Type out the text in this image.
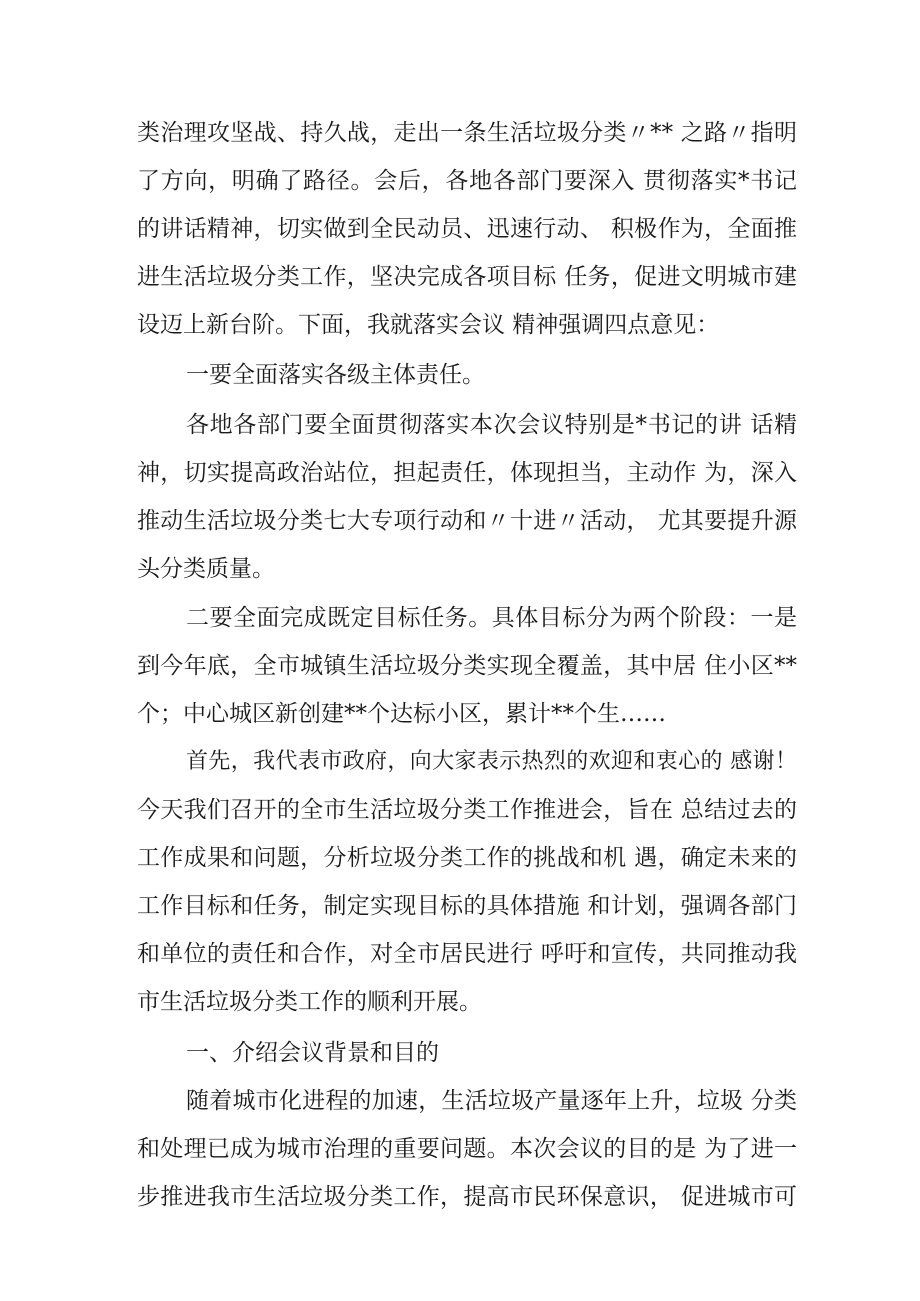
类治理攻坚战、持久战，走出一条生活垃圾分类〃** 之路〃指明
了方向，明确了路径。会后，各地各部门要深入 贯彻落实*书记
的讲话精神，切实做到全民动员、迅速行动、 积极作为，全面推
进生活垃圾分类工作，坚决完成各项目标 任务，促进文明城市建
设迈上新台阶。下面，我就落实会议 精神强调四点意见：
一要全面落实各级主体责任。
各地各部门要全面贯彻落实本次会议特别是*书记的讲 话精
神，切实提高政治站位，担起责任，体现担当，主动作 为，深入
推动生活垃圾分类七大专项行动和〃十进〃活动， 尤其要提升源
头分类质量。
二要全面完成既定目标任务。具体目标分为两个阶段：一是
到今年底，全市城镇生活垃圾分类实现全覆盖，其中居 住小区**
个；中心城区新创建**个达标小区，累计**个生……
首先，我代表市政府，向大家表示热烈的欢迎和衷心的 感谢！
今天我们召开的全市生活垃圾分类工作推进会，旨在 总结过去的
工作成果和问题，分析垃圾分类工作的挑战和机 遇，确定未来的
工作目标和任务，制定实现目标的具体措施 和计划，强调各部门
和单位的责任和合作，对全市居民进行 呼吁和宣传，共同推动我
市生活垃圾分类工作的顺利开展。
一、介绍会议背景和目的
随着城市化进程的加速，生活垃圾产量逐年上升，垃圾 分类
和处理已成为城市治理的重要问题。本次会议的目的是 为了进一
步推进我市生活垃圾分类工作，提高市民环保意识， 促进城市可
